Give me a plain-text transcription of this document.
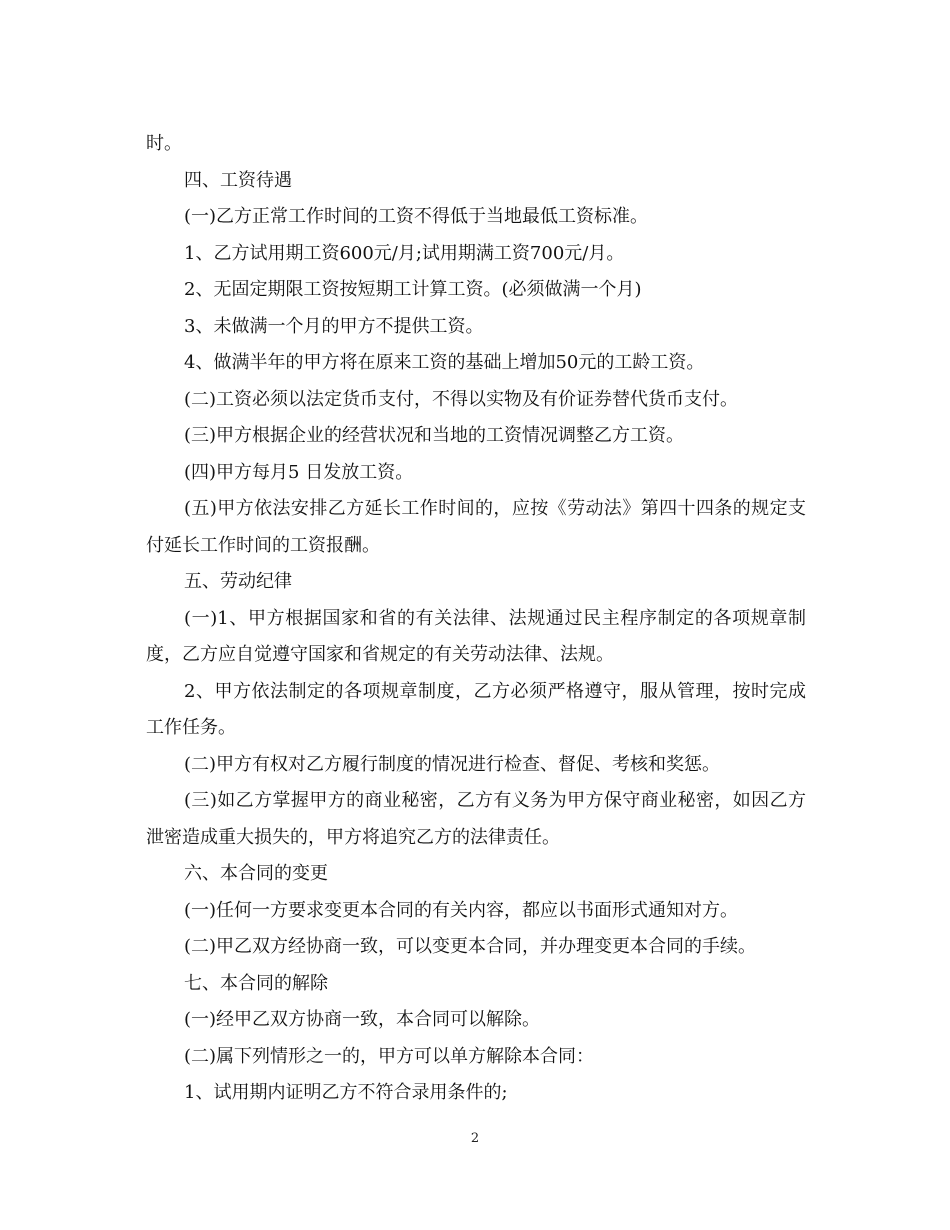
时。

四、工资待遇

(一)乙方正常工作时间的工资不得低于当地最低工资标准。

1、乙方试用期工资600元/月;试用期满工资700元/月。

2、无固定期限工资按短期工计算工资。(必须做满一个月)

3、未做满一个月的甲方不提供工资。

4、做满半年的甲方将在原来工资的基础上增加50元的工龄工资。

(二)工资必须以法定货币支付，不得以实物及有价证券替代货币支付。

(三)甲方根据企业的经营状况和当地的工资情况调整乙方工资。

(四)甲方每月5 日发放工资。

(五)甲方依法安排乙方延长工作时间的，应按《劳动法》第四十四条的规定支付延长工作时间的工资报酬。

五、劳动纪律

(一)1、甲方根据国家和省的有关法律、法规通过民主程序制定的各项规章制度，乙方应自觉遵守国家和省规定的有关劳动法律、法规。

2、甲方依法制定的各项规章制度，乙方必须严格遵守，服从管理，按时完成工作任务。

(二)甲方有权对乙方履行制度的情况进行检查、督促、考核和奖惩。

(三)如乙方掌握甲方的商业秘密，乙方有义务为甲方保守商业秘密，如因乙方泄密造成重大损失的，甲方将追究乙方的法律责任。

六、本合同的变更

(一)任何一方要求变更本合同的有关内容，都应以书面形式通知对方。

(二)甲乙双方经协商一致，可以变更本合同，并办理变更本合同的手续。

七、本合同的解除

(一)经甲乙双方协商一致，本合同可以解除。

(二)属下列情形之一的，甲方可以单方解除本合同：

1、试用期内证明乙方不符合录用条件的;

2
